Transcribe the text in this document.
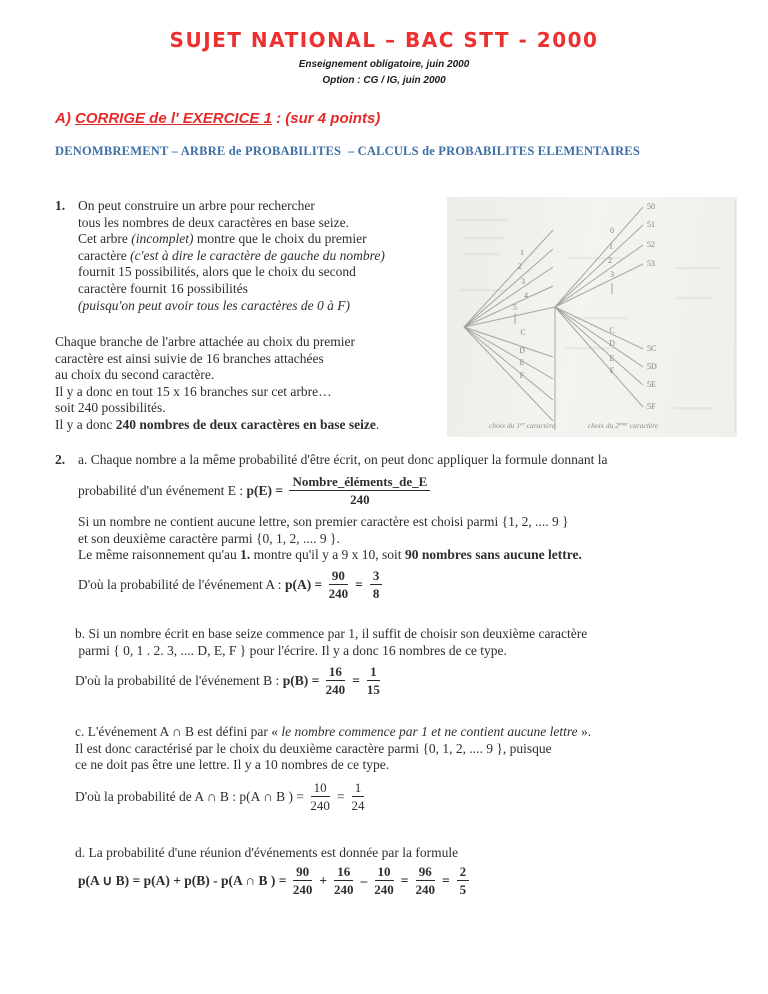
SUJET NATIONAL – BAC STT - 2000
Enseignement obligatoire, juin 2000
Option : CG / IG, juin 2000
A) CORRIGE de l' EXERCICE 1 : (sur 4 points)
DENOMBREMENT – ARBRE de PROBABILITES  – CALCULS de PROBABILITES ELEMENTAIRES
1. On peut construire un arbre pour rechercher
tous les nombres de deux caractères en base seize.
Cet arbre (incomplet) montre que le choix du premier
caractère (c'est à dire le caractère de gauche du nombre)
fournit 15 possibilités, alors que le choix du second
caractère fournit 16 possibilités
(puisqu'on peut avoir tous les caractères de 0 à F)
Chaque branche de l'arbre attachée au choix du premier
caractère est ainsi suivie de 16 branches attachées
au choix du second caractère.
Il y a donc en tout 15 x 16 branches sur cet arbre…
soit 240 possibilités.
Il y a donc 240 nombres de deux caractères en base seize.
1
2
3
4
5
C
D
E
F
0
1
2
3
C
D
E
F
50
51
52
53
5C
5D
5E
5F
choix du 1er caractère	choix du 2ème caractère
2. a. Chaque nombre a la même probabilité d'être écrit, on peut donc appliquer la formule donnant la
probabilité d'un événement E : $p(E) = \frac{\text{Nombre\_éléments\_de\_E}}{240}$
Si un nombre ne contient aucune lettre, son premier caractère est choisi parmi {1, 2, .... 9 }
et son deuxième caractère parmi {0, 1, 2, .... 9 }.
Le même raisonnement qu'au 1. montre qu'il y a 9 x 10, soit 90 nombres sans aucune lettre.
D'où la probabilité de l'événement A : $p(A) = \frac{90}{240} = \frac{3}{8}$
b. Si un nombre écrit en base seize commence par 1, il suffit de choisir son deuxième caractère
parmi { 0, 1 . 2. 3, .... D, E, F } pour l'écrire. Il y a donc 16 nombres de ce type.
D'où la probabilité de l'événement B : $p(B) = \frac{16}{240} = \frac{1}{15}$
c. L'événement A ∩ B est défini par « le nombre commence par 1 et ne contient aucune lettre ».
Il est donc caractérisé par le choix du deuxième caractère parmi {0, 1, 2, .... 9 }, puisque
ce ne doit pas être une lettre. Il y a 10 nombres de ce type.
D'où la probabilité de A ∩ B : p(A ∩ B ) = $\frac{10}{240} = \frac{1}{24}$
d. La probabilité d'une réunion d'événements est donnée par la formule
p(A ∪ B) = p(A) + p(B) - p(A ∩ B ) = $\frac{90}{240} + \frac{16}{240} - \frac{10}{240} = \frac{96}{240} = \frac{2}{5}$
